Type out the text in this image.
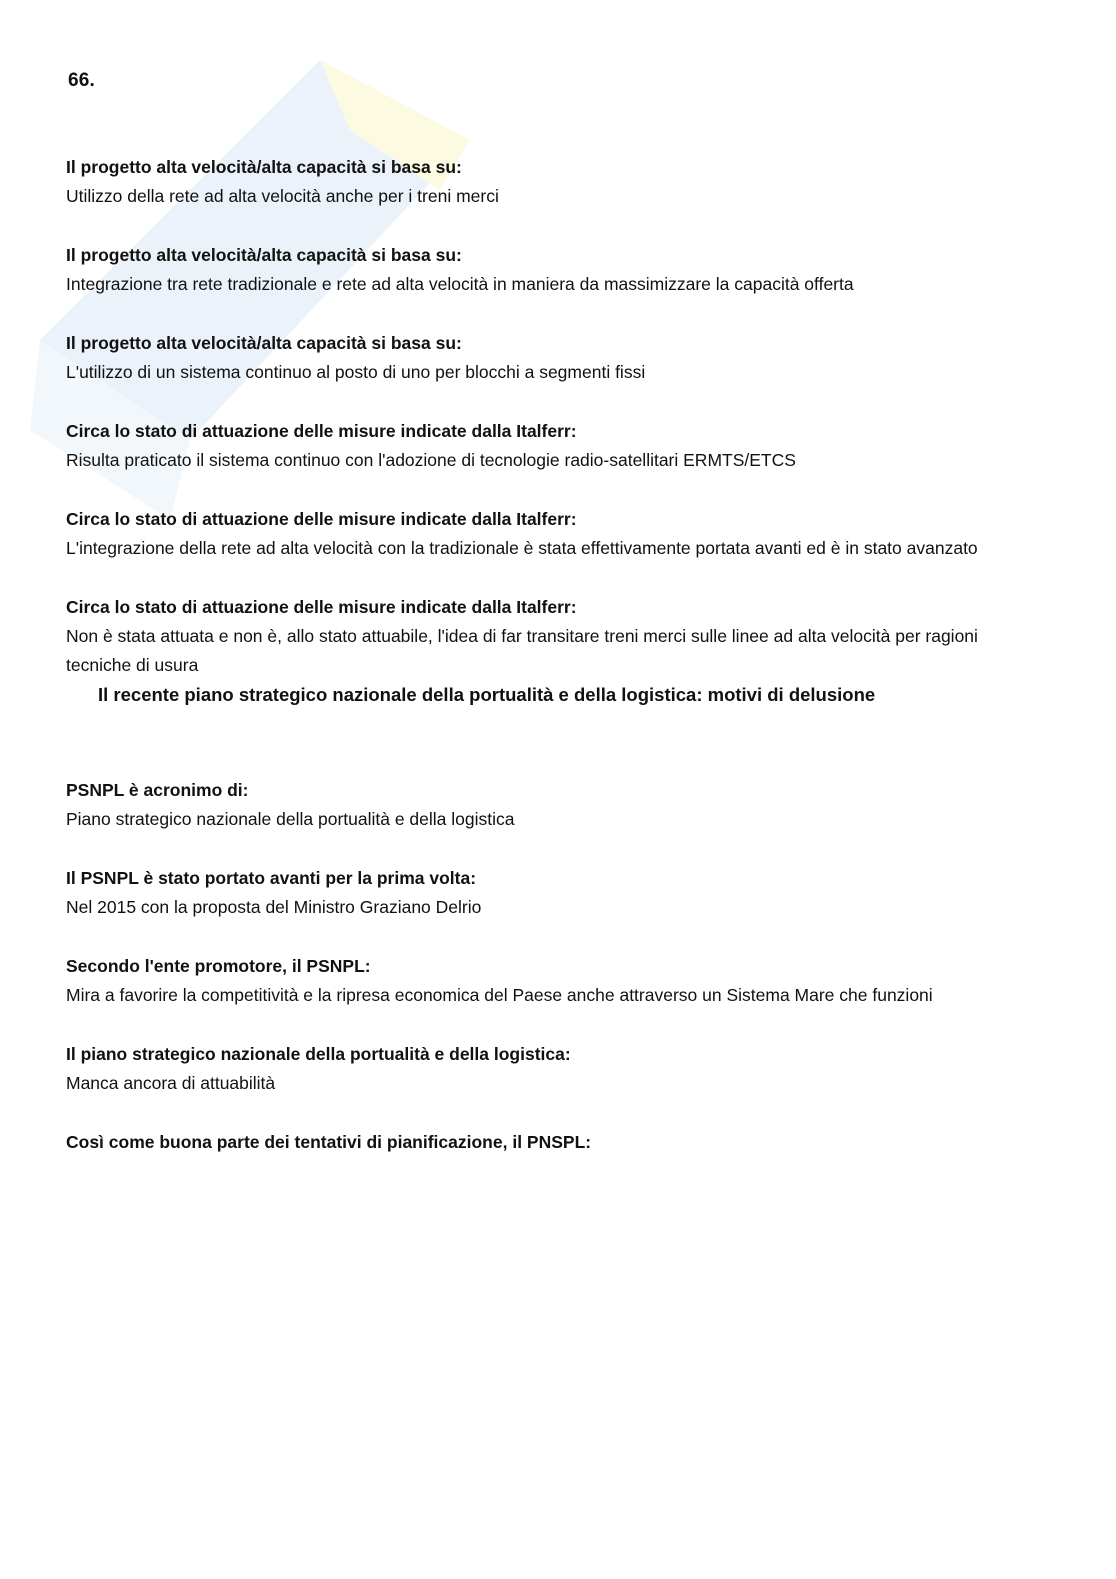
66.
Il progetto alta velocità/alta capacità si basa su:
Utilizzo della rete ad alta velocità anche per i treni merci
Il progetto alta velocità/alta capacità si basa su:
Integrazione tra rete tradizionale e rete ad alta velocità in maniera da massimizzare la capacità offerta
Il progetto alta velocità/alta capacità si basa su:
L'utilizzo di un sistema continuo al posto di uno per blocchi a segmenti fissi
Circa lo stato di attuazione delle misure indicate dalla Italferr:
Risulta praticato il sistema continuo con l'adozione di tecnologie radio-satellitari ERMTS/ETCS
Circa lo stato di attuazione delle misure indicate dalla Italferr:
L'integrazione della rete ad alta velocità con la tradizionale è stata effettivamente portata avanti ed è in stato avanzato
Circa lo stato di attuazione delle misure indicate dalla Italferr:
Non è stata attuata e non è, allo stato attuabile, l'idea di far transitare treni merci sulle linee ad alta velocità per ragioni tecniche di usura
Il recente piano strategico nazionale della portualità e della logistica: motivi di delusione
PSNPL è acronimo di:
Piano strategico nazionale della portualità e della logistica
Il PSNPL è stato portato avanti per la prima volta:
Nel 2015 con la proposta del Ministro Graziano Delrio
Secondo l'ente promotore, il PSNPL:
Mira a favorire la competitività e la ripresa economica del Paese anche attraverso un Sistema Mare che funzioni
Il piano strategico nazionale della portualità e della logistica:
Manca ancora di attuabilità
Così come buona parte dei tentativi di pianificazione, il PNSPL:
